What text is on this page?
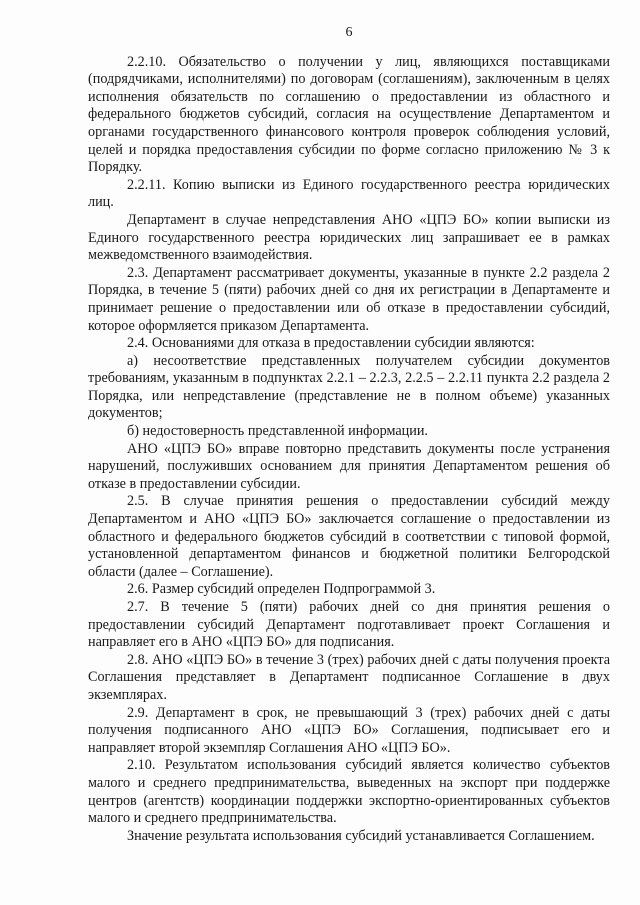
6

2.2.10. Обязательство о получении у лиц, являющихся поставщиками (подрядчиками, исполнителями) по договорам (соглашениям), заключенным в целях исполнения обязательств по соглашению о предоставлении из областного и федерального бюджетов субсидий, согласия на осуществление Департаментом и органами государственного финансового контроля проверок соблюдения условий, целей и порядка предоставления субсидии по форме согласно приложению № 3 к Порядку.

2.2.11. Копию выписки из Единого государственного реестра юридических лиц.

Департамент в случае непредставления АНО «ЦПЭ БО» копии выписки из Единого государственного реестра юридических лиц запрашивает ее в рамках межведомственного взаимодействия.

2.3. Департамент рассматривает документы, указанные в пункте 2.2 раздела 2 Порядка, в течение 5 (пяти) рабочих дней со дня их регистрации в Департаменте и принимает решение о предоставлении или об отказе в предоставлении субсидий, которое оформляется приказом Департамента.

2.4. Основаниями для отказа в предоставлении субсидии являются:

а) несоответствие представленных получателем субсидии документов требованиям, указанным в подпунктах 2.2.1 – 2.2.3, 2.2.5 – 2.2.11 пункта 2.2 раздела 2 Порядка, или непредставление (представление не в полном объеме) указанных документов;

б) недостоверность представленной информации.

АНО «ЦПЭ БО» вправе повторно представить документы после устранения нарушений, послуживших основанием для принятия Департаментом решения об отказе в предоставлении субсидии.

2.5. В случае принятия решения о предоставлении субсидий между Департаментом и АНО «ЦПЭ БО» заключается соглашение о предоставлении из областного и федерального бюджетов субсидий в соответствии с типовой формой, установленной департаментом финансов и бюджетной политики Белгородской области (далее – Соглашение).

2.6. Размер субсидий определен Подпрограммой 3.

2.7. В течение 5 (пяти) рабочих дней со дня принятия решения о предоставлении субсидий Департамент подготавливает проект Соглашения и направляет его в АНО «ЦПЭ БО» для подписания.

2.8. АНО «ЦПЭ БО» в течение 3 (трех) рабочих дней с даты получения проекта Соглашения представляет в Департамент подписанное Соглашение в двух экземплярах.

2.9. Департамент в срок, не превышающий 3 (трех) рабочих дней с даты получения подписанного АНО «ЦПЭ БО» Соглашения, подписывает его и направляет второй экземпляр Соглашения АНО «ЦПЭ БО».

2.10. Результатом использования субсидий является количество субъектов малого и среднего предпринимательства, выведенных на экспорт при поддержке центров (агентств) координации поддержки экспортно-ориентированных субъектов малого и среднего предпринимательства.

Значение результата использования субсидий устанавливается Соглашением.
